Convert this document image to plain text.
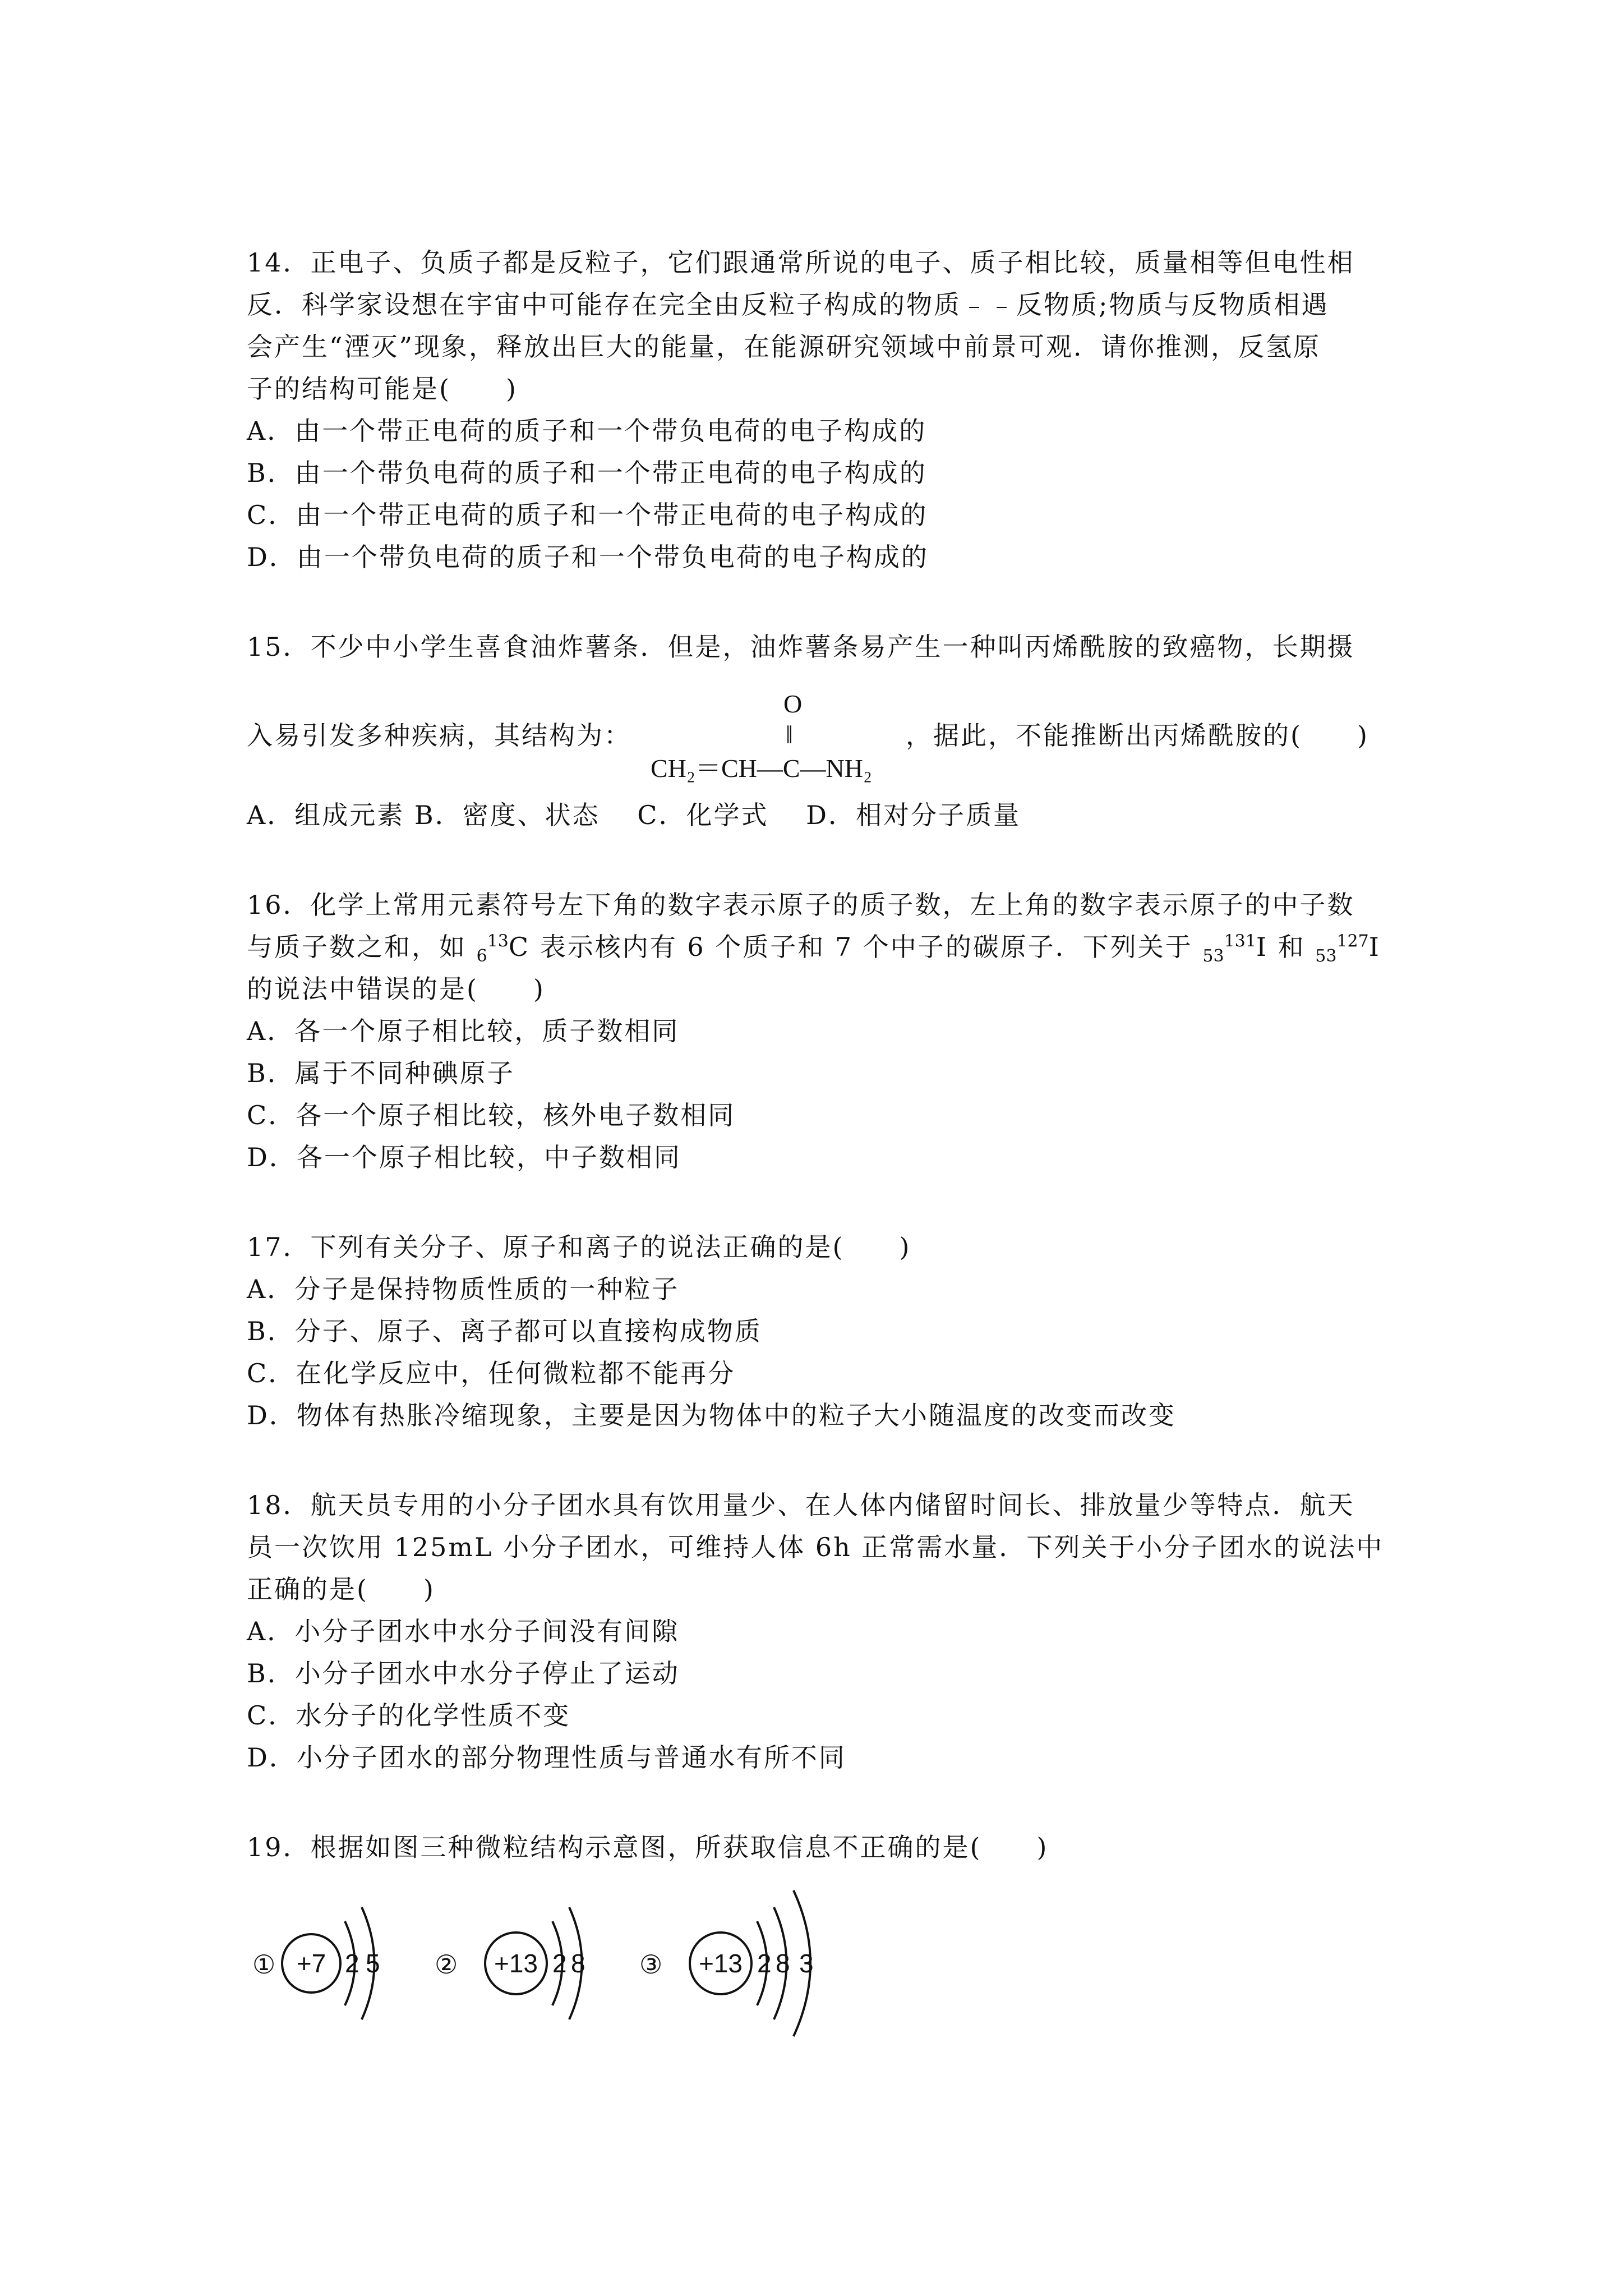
14．正电子、负质子都是反粒子，它们跟通常所说的电子、质子相比较，质量相等但电性相
反．科学家设想在宇宙中可能存在完全由反粒子构成的物质﹣﹣反物质;物质与反物质相遇
会产生“湮灭”现象，释放出巨大的能量，在能源研究领域中前景可观．请你推测，反氢原
子的结构可能是(　　)
A．由一个带正电荷的质子和一个带负电荷的电子构成的
B．由一个带负电荷的质子和一个带正电荷的电子构成的
C．由一个带正电荷的质子和一个带正电荷的电子构成的
D．由一个带负电荷的质子和一个带负电荷的电子构成的
15．不少中小学生喜食油炸薯条．但是，油炸薯条易产生一种叫丙烯酰胺的致癌物，长期摄
入易引发多种疾病，其结构为：
O
‖
CH₂＝CH—C—NH₂
，据此，不能推断出丙烯酰胺的(　　)
A．组成元素 B．密度、状态　 C．化学式　 D．相对分子质量
16．化学上常用元素符号左下角的数字表示原子的质子数，左上角的数字表示原子的中子数
与质子数之和，如 $_6^{13}$C 表示核内有 6 个质子和 7 个中子的碳原子．下列关于 $_{53}^{131}$I 和 $_{53}^{127}$I
的说法中错误的是(　　)
A．各一个原子相比较，质子数相同
B．属于不同种碘原子
C．各一个原子相比较，核外电子数相同
D．各一个原子相比较，中子数相同
17．下列有关分子、原子和离子的说法正确的是(　　)
A．分子是保持物质性质的一种粒子
B．分子、原子、离子都可以直接构成物质
C．在化学反应中，任何微粒都不能再分
D．物体有热胀冷缩现象，主要是因为物体中的粒子大小随温度的改变而改变
18．航天员专用的小分子团水具有饮用量少、在人体内储留时间长、排放量少等特点．航天
员一次饮用 125mL 小分子团水，可维持人体 6h 正常需水量．下列关于小分子团水的说法中
正确的是(　　)
A．小分子团水中水分子间没有间隙
B．小分子团水中水分子停止了运动
C．水分子的化学性质不变
D．小分子团水的部分物理性质与普通水有所不同
19．根据如图三种微粒结构示意图，所获取信息不正确的是(　　)
① +7 2 5 ② +13 2 8 ③ +13 2 8 3
